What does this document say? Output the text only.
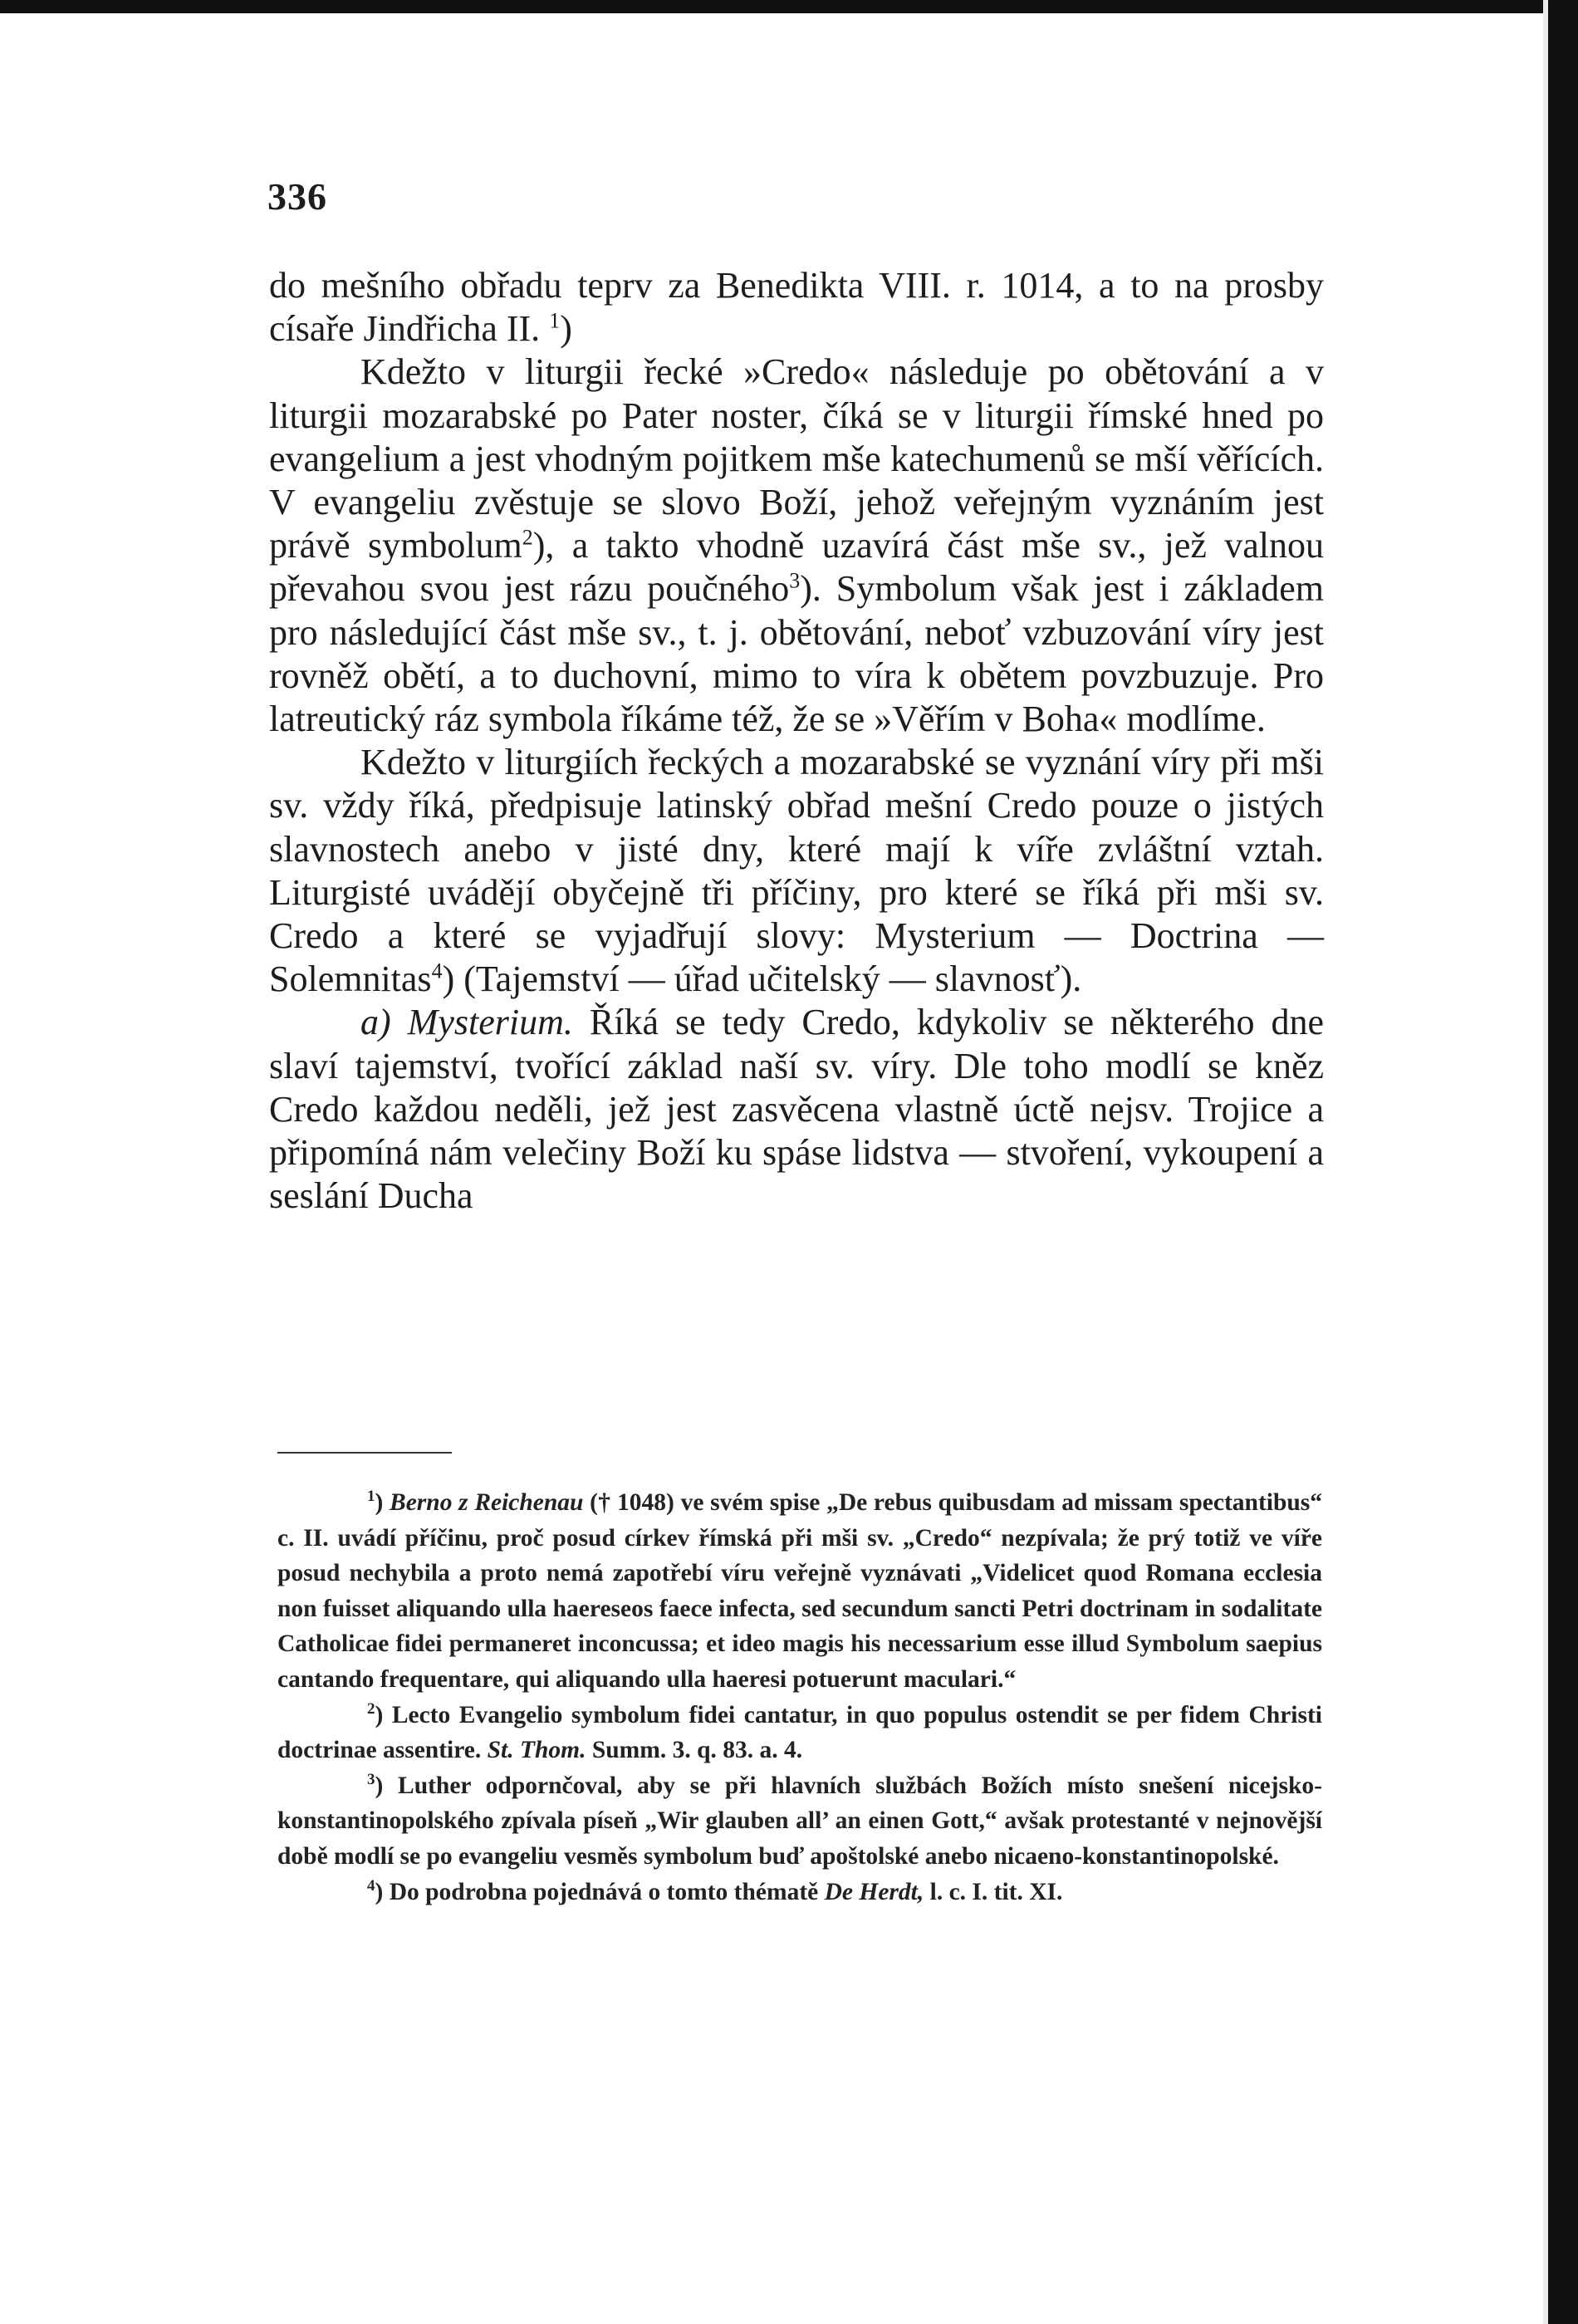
336

do mešního obřadu teprv za Benedikta VIII. r. 1014, a to na prosby císaře Jindřicha II. $^1$)

Kdežto v liturgii řecké »Credo« následuje po obětování a v liturgii mozarabské po Pater noster, číká se v liturgii římské hned po evangelium a jest vhodným pojitkem mše katechumenů se mší věřících. V evangeliu zvěstuje se slovo Boží, jehož veřejným vyznáním jest právě symbolum$^2$), a takto vhodně uzavírá část mše sv., jež valnou převahou svou jest rázu poučného$^3$). Symbolum však jest i základem pro následující část mše sv., t. j. obětování, neboť vzbuzování víry jest rovněž obětí, a to duchovní, mimo to víra k obětem povzbuzuje. Pro latreutický ráz symbola říkáme též, že se »Věřím v Boha« modlíme.

Kdežto v liturgiích řeckých a mozarabské se vyznání víry při mši sv. vždy říká, předpisuje latinský obřad mešní Credo pouze o jistých slavnostech anebo v jisté dny, které mají k víře zvláštní vztah. Liturgisté uvádějí obyčejně tři příčiny, pro které se říká při mši sv. Credo a které se vyjadřují slovy: Mysterium — Doctrina — Solemnitas$^4$) (Tajemství — úřad učitelský — slavnosť).

a) Mysterium. Říká se tedy Credo, kdykoliv se některého dne slaví tajemství, tvořící základ naší sv. víry. Dle toho modlí se kněz Credo každou neděli, jež jest zasvěcena vlastně úctě nejsv. Trojice a připomíná nám velečiny Boží ku spáse lidstva — stvoření, vykoupení a seslání Ducha

$^1$) Berno z Reichenau († 1048) ve svém spise „De rebus quibusdam ad missam spectantibus“ c. II. uvádí příčinu, proč posud církev římská při mši sv. „Credo“ nezpívala; že prý totiž ve víře posud nechybila a proto nemá zapotřebí víru veřejně vyznávati „Videlicet quod Romana ecclesia non fuisset aliquando ulla haereseos faece infecta, sed secundum sancti Petri doctrinam in sodalitate Catholicae fidei permaneret inconcussa; et ideo magis his necessarium esse illud Symbolum saepius cantando frequentare, qui aliquando ulla haeresi potuerunt maculari.“

$^2$) Lecto Evangelio symbolum fidei cantatur, in quo populus ostendit se per fidem Christi doctrinae assentire. St. Thom. Summ. 3. q. 83. a. 4.

$^3$) Luther odpornčoval, aby se při hlavních službách Božích místo snešení nicejsko-konstantinopolského zpívala píseň „Wir glauben all’ an einen Gott,“ avšak protestanté v nejnovější době modlí se po evangeliu vesměs symbolum buď apoštolské anebo nicaeno-konstantinopolské.

$^4$) Do podrobna pojednává o tomto thématě De Herdt, l. c. I. tit. XI.
